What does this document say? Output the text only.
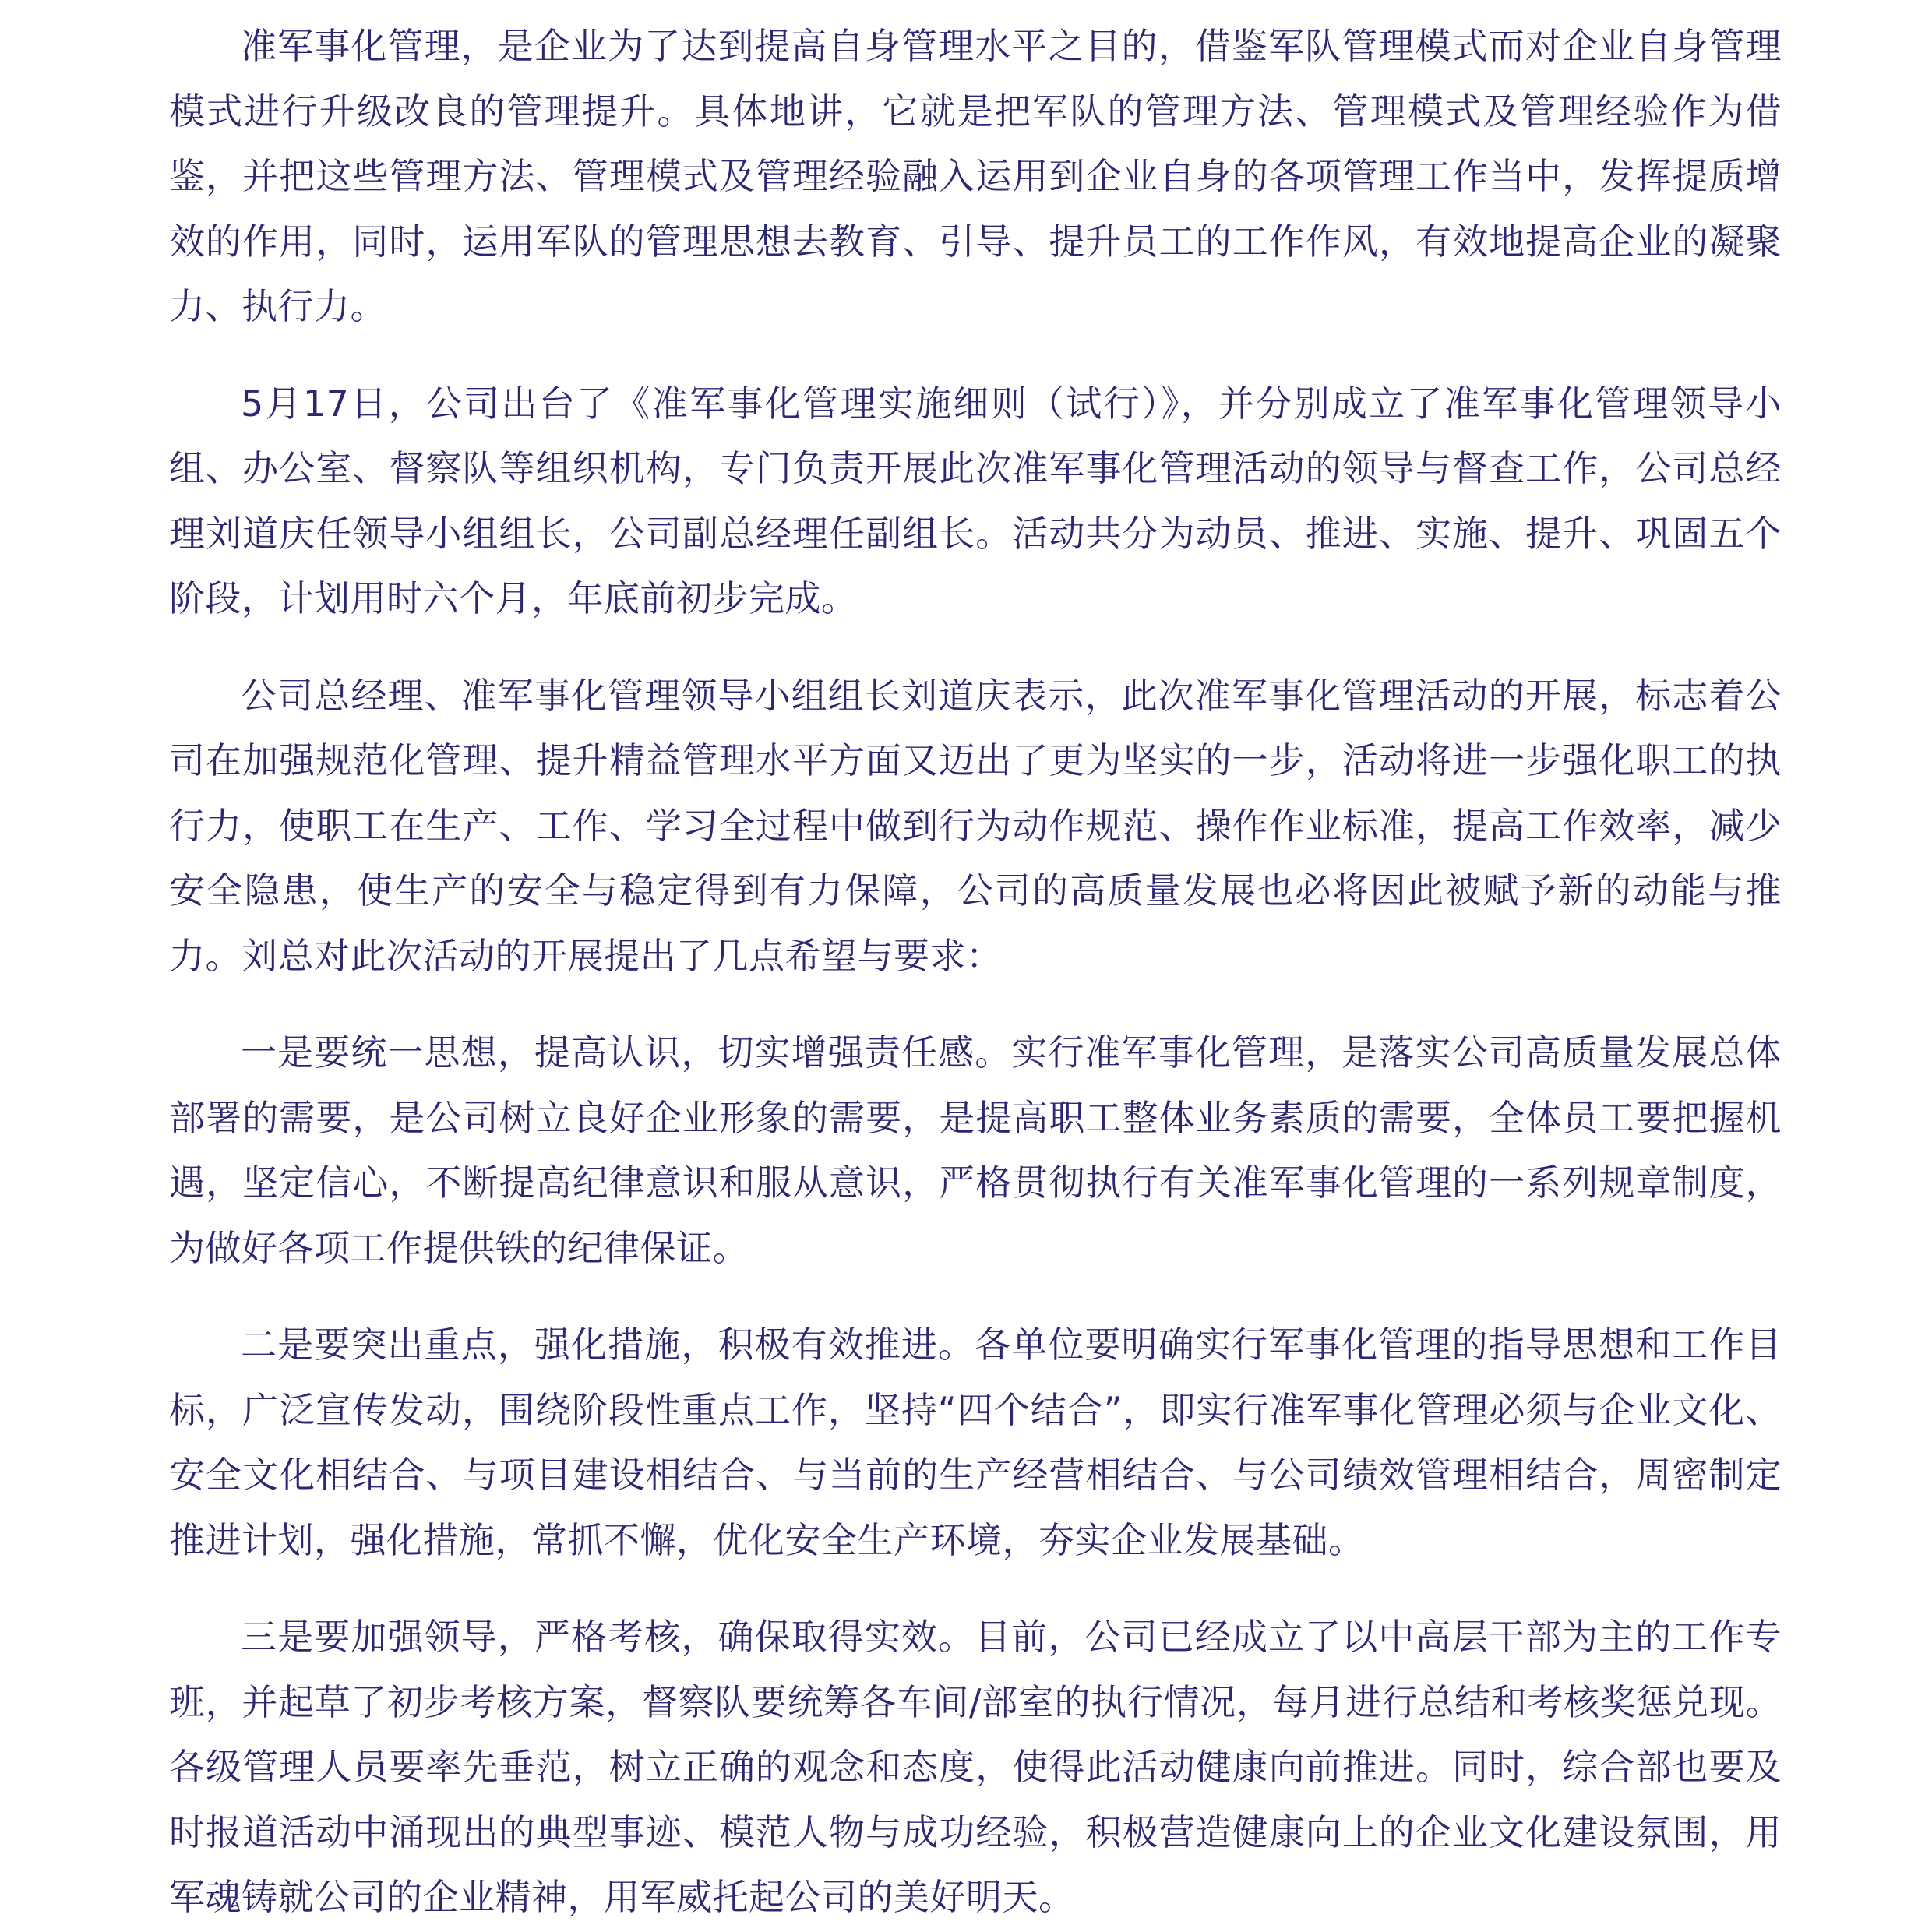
准军事化管理，是企业为了达到提高自身管理水平之目的，借鉴军队管理模式而对企业自身管理模式进行升级改良的管理提升。具体地讲，它就是把军队的管理方法、管理模式及管理经验作为借鉴，并把这些管理方法、管理模式及管理经验融入运用到企业自身的各项管理工作当中，发挥提质增效的作用，同时，运用军队的管理思想去教育、引导、提升员工的工作作风，有效地提高企业的凝聚力、执行力。

5月17日，公司出台了《准军事化管理实施细则（试行）》，并分别成立了准军事化管理领导小组、办公室、督察队等组织机构，专门负责开展此次准军事化管理活动的领导与督查工作，公司总经理刘道庆任领导小组组长，公司副总经理任副组长。活动共分为动员、推进、实施、提升、巩固五个阶段，计划用时六个月，年底前初步完成。

公司总经理、准军事化管理领导小组组长刘道庆表示，此次准军事化管理活动的开展，标志着公司在加强规范化管理、提升精益管理水平方面又迈出了更为坚实的一步，活动将进一步强化职工的执行力，使职工在生产、工作、学习全过程中做到行为动作规范、操作作业标准，提高工作效率，减少安全隐患，使生产的安全与稳定得到有力保障，公司的高质量发展也必将因此被赋予新的动能与推力。刘总对此次活动的开展提出了几点希望与要求：

一是要统一思想，提高认识，切实增强责任感。实行准军事化管理，是落实公司高质量发展总体部署的需要，是公司树立良好企业形象的需要，是提高职工整体业务素质的需要，全体员工要把握机遇，坚定信心，不断提高纪律意识和服从意识，严格贯彻执行有关准军事化管理的一系列规章制度，为做好各项工作提供铁的纪律保证。

二是要突出重点，强化措施，积极有效推进。各单位要明确实行军事化管理的指导思想和工作目标，广泛宣传发动，围绕阶段性重点工作，坚持“四个结合”，即实行准军事化管理必须与企业文化、安全文化相结合、与项目建设相结合、与当前的生产经营相结合、与公司绩效管理相结合，周密制定推进计划，强化措施，常抓不懈，优化安全生产环境，夯实企业发展基础。

三是要加强领导，严格考核，确保取得实效。目前，公司已经成立了以中高层干部为主的工作专班，并起草了初步考核方案，督察队要统筹各车间/部室的执行情况，每月进行总结和考核奖惩兑现。各级管理人员要率先垂范，树立正确的观念和态度，使得此活动健康向前推进。同时，综合部也要及时报道活动中涌现出的典型事迹、模范人物与成功经验，积极营造健康向上的企业文化建设氛围，用军魂铸就公司的企业精神，用军威托起公司的美好明天。
